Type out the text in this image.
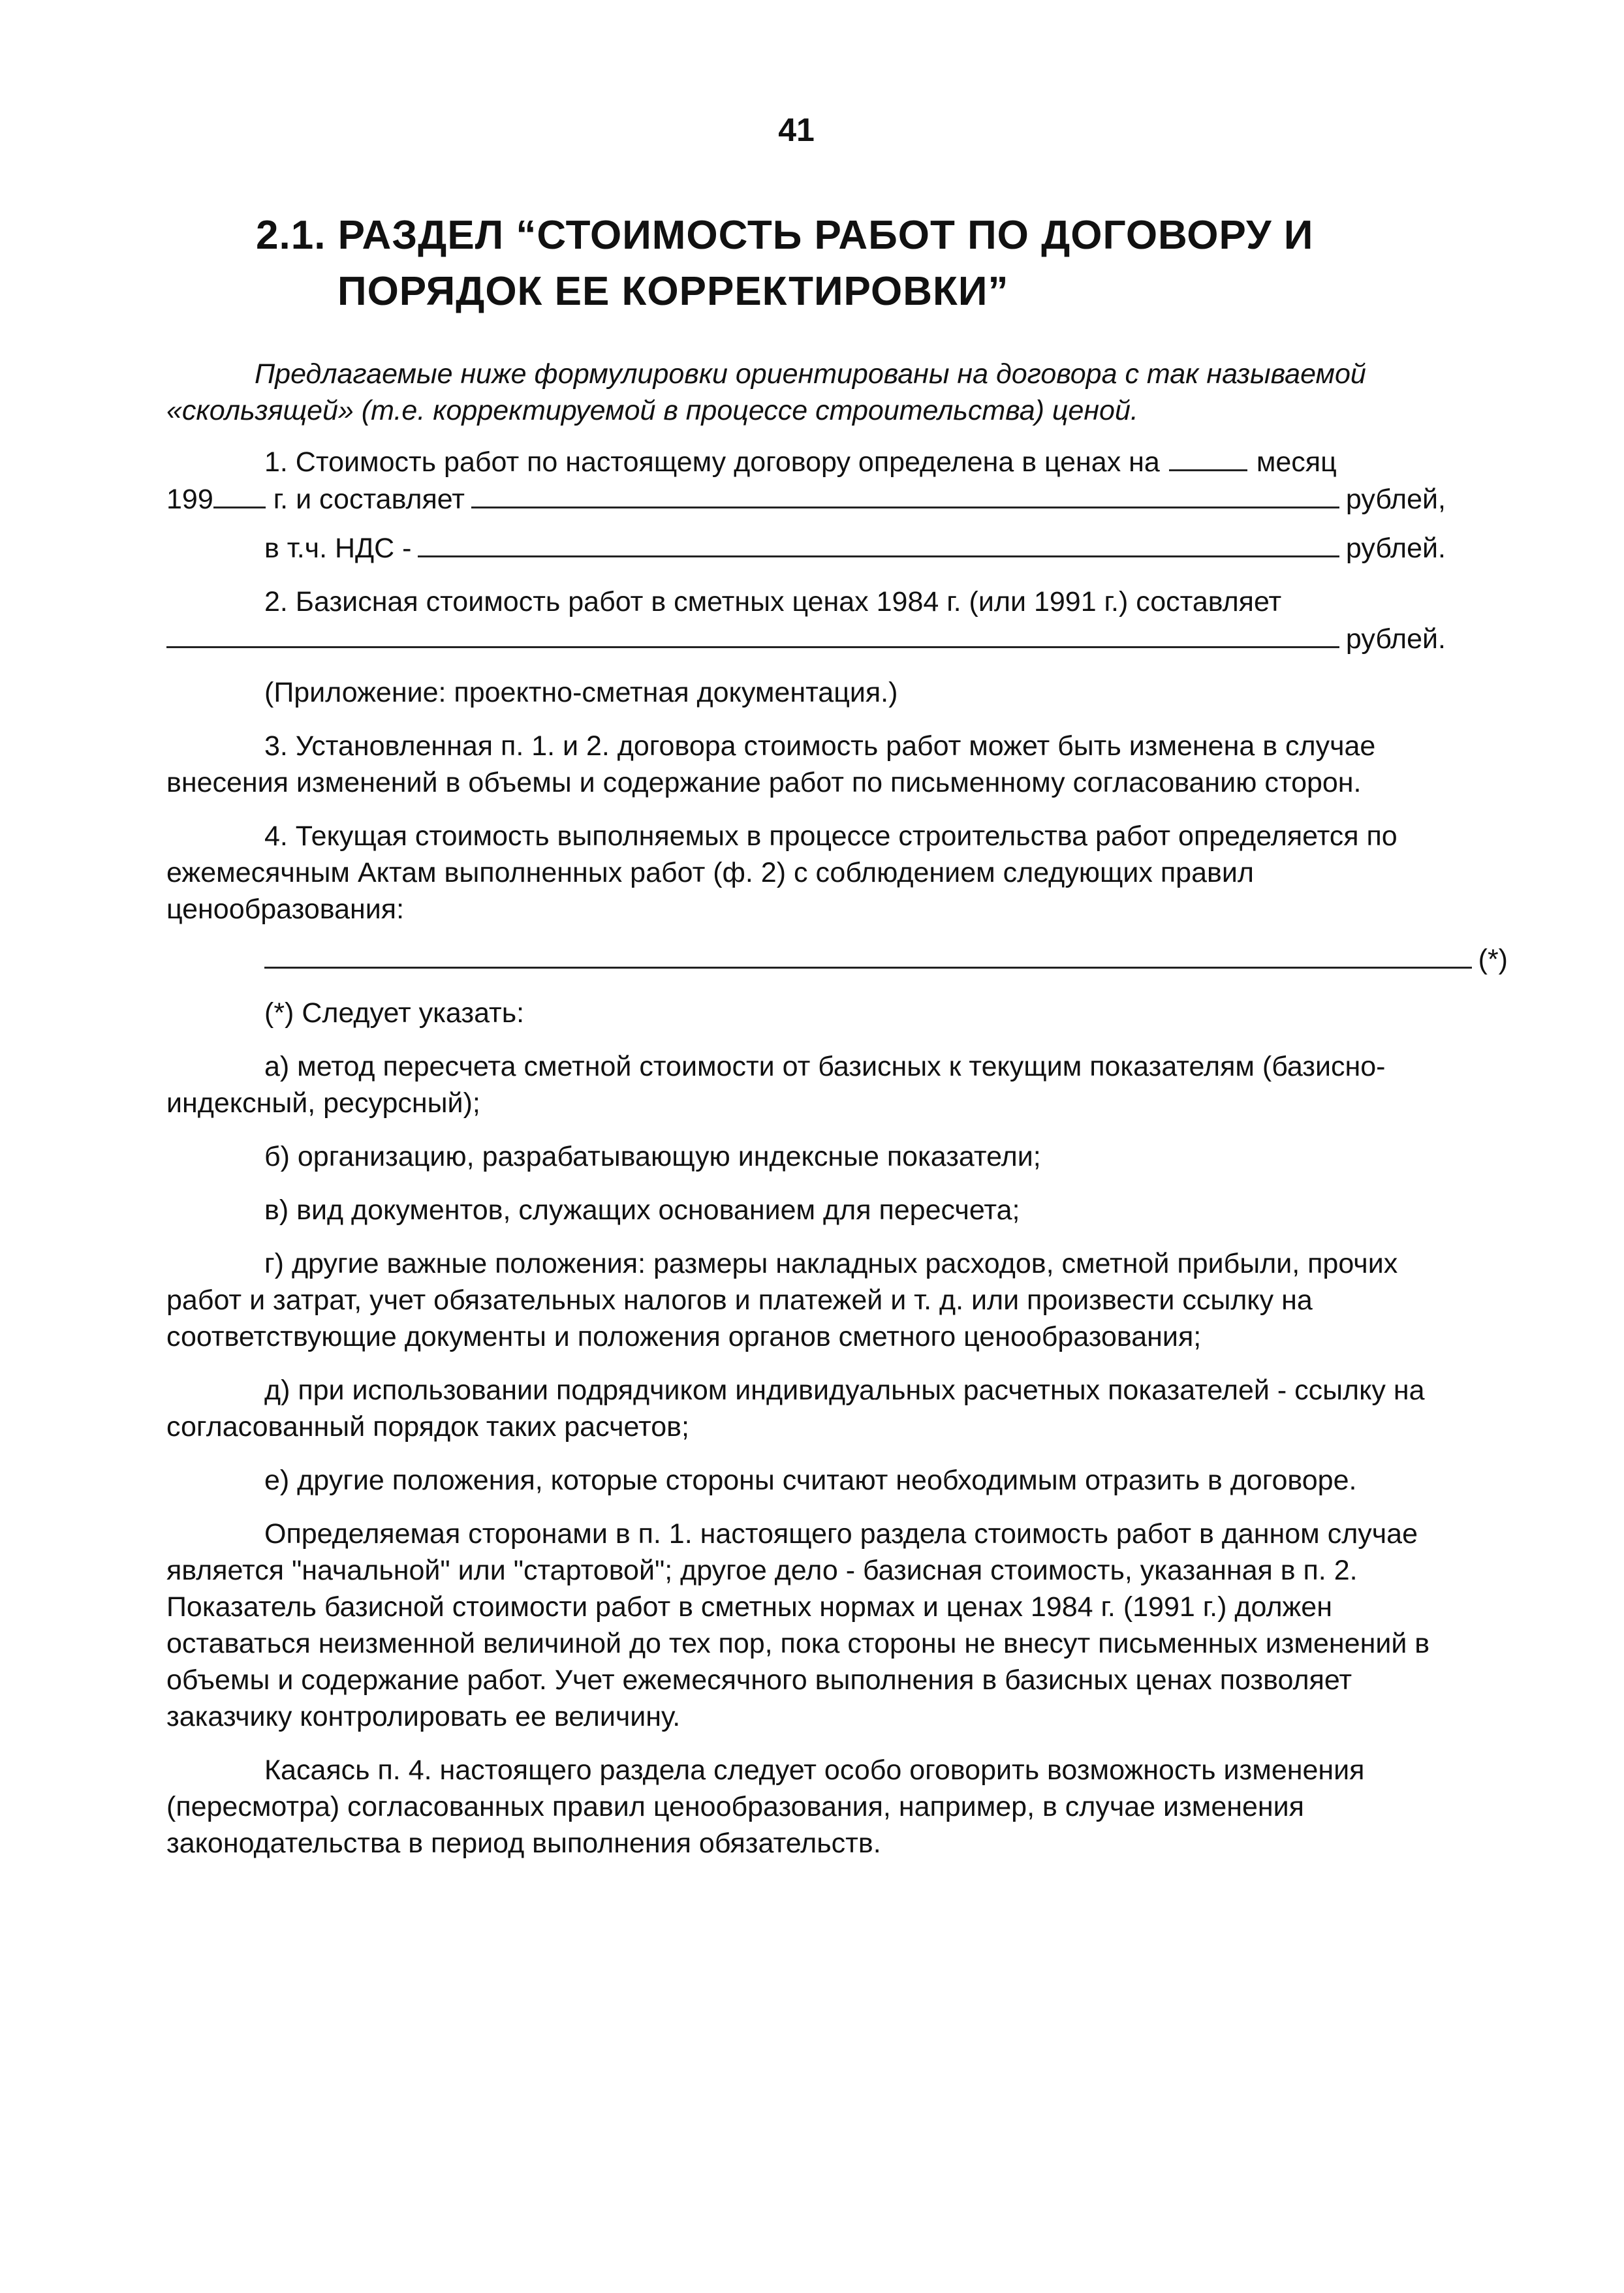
41
2.1. РАЗДЕЛ “СТОИМОСТЬ РАБОТ ПО ДОГОВОРУ И
ПОРЯДОК ЕЕ КОРРЕКТИРОВКИ”

Предлагаемые ниже формулировки ориентированы на договора с так называемой «скользящей» (т.е. корректируемой в процессе строительства) ценой.

1. Стоимость работ по настоящему договору определена в ценах на	месяц
199 г. и составляет	рублей,
в т.ч. НДС -	рублей.

2. Базисная стоимость работ в сметных ценах 1984 г. (или 1991 г.) составляет

рублей.

(Приложение: проектно-сметная документация.)

3. Установленная п. 1. и 2. договора стоимость работ может быть изменена в случае внесения изменений в объемы и содержание работ по письменному согласованию сторон.

4. Текущая стоимость выполняемых в процессе строительства работ определяется по ежемесячным Актам выполненных работ (ф. 2) с соблюдением следующих правил ценообразования:

(*)

(*) Следует указать:

а) метод пересчета сметной стоимости от базисных к текущим показателям (базисно-индексный, ресурсный);

б) организацию, разрабатывающую индексные показатели;

в) вид документов, служащих основанием для пересчета;

г) другие важные положения: размеры накладных расходов, сметной прибыли, прочих работ и затрат, учет обязательных налогов и платежей и т. д. или произвести ссылку на соответствующие документы и положения органов сметного ценообразования;

д) при использовании подрядчиком индивидуальных расчетных показателей - ссылку на согласованный порядок таких расчетов;

е) другие положения, которые стороны считают необходимым отразить в договоре.

Определяемая сторонами в п. 1. настоящего раздела стоимость работ в данном случае является "начальной" или "стартовой"; другое дело - базисная стоимость, указанная в п. 2. Показатель базисной стоимости работ в сметных нормах и ценах 1984 г. (1991 г.) должен оставаться неизменной величиной до тех пор, пока стороны не внесут письменных изменений в объемы и содержание работ. Учет ежемесячного выполнения в базисных ценах позволяет заказчику контролировать ее величину.

Касаясь п. 4. настоящего раздела следует особо оговорить возможность изменения (пересмотра) согласованных правил ценообразования, например, в случае изменения законодательства в период выполнения обязательств.
